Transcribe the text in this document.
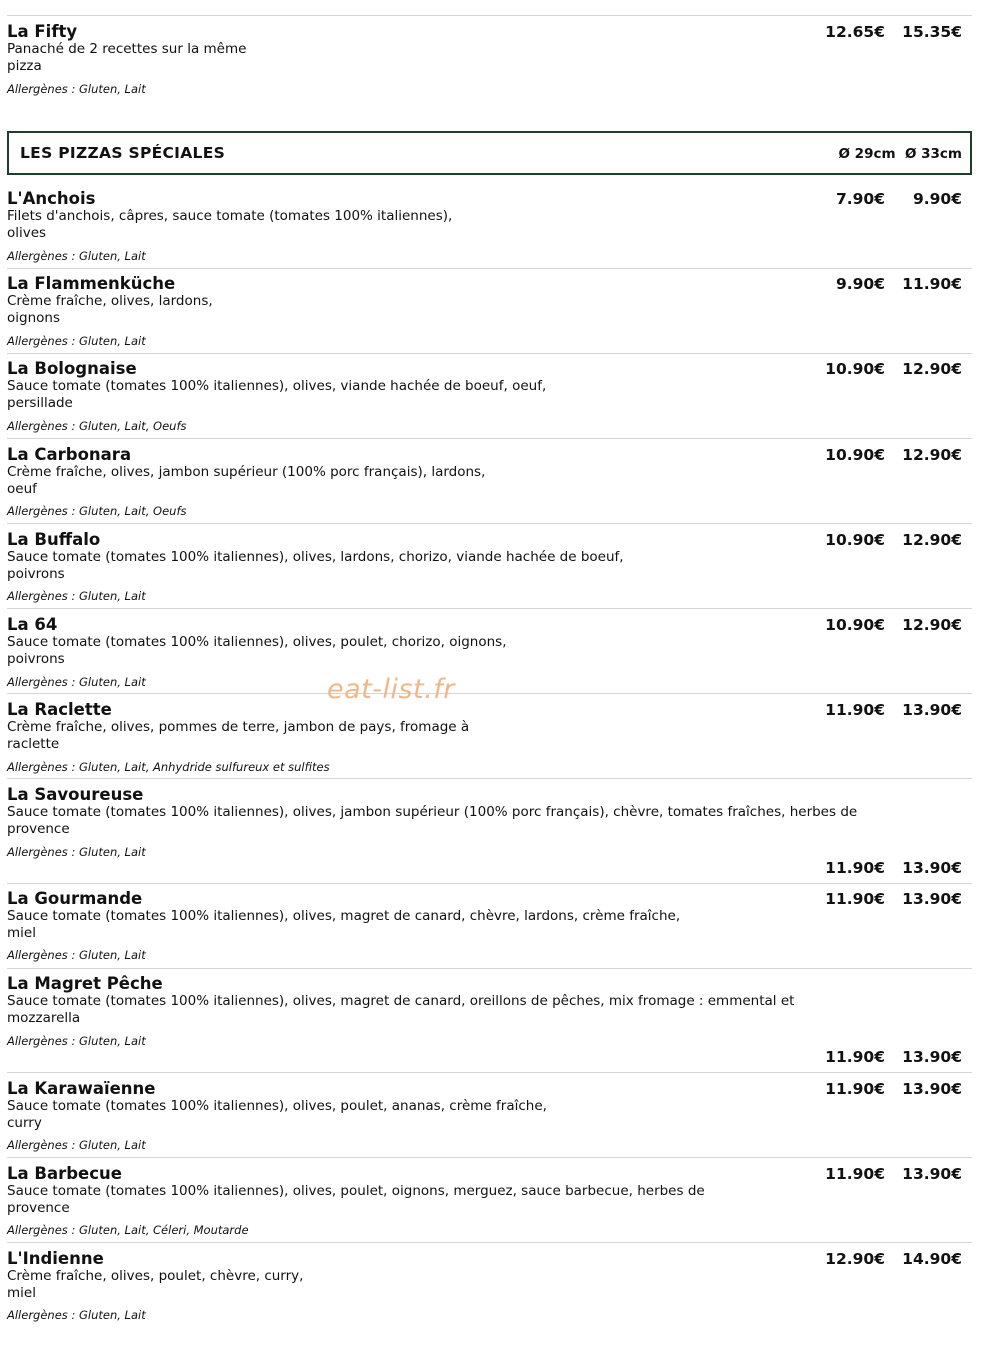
La Fifty
Panaché de 2 recettes sur la même
pizza
Allergènes : Gluten, Lait
12.65€ 15.35€
LES PIZZAS SPÉCIALES	Ø 29cm Ø 33cm
L'Anchois
Filets d'anchois, câpres, sauce tomate (tomates 100% italiennes),
olives
Allergènes : Gluten, Lait
7.90€ 9.90€
La Flammenküche
Crème fraîche, olives, lardons,
oignons
Allergènes : Gluten, Lait
9.90€ 11.90€
La Bolognaise
Sauce tomate (tomates 100% italiennes), olives, viande hachée de boeuf, oeuf,
persillade
Allergènes : Gluten, Lait, Oeufs
10.90€ 12.90€
La Carbonara
Crème fraîche, olives, jambon supérieur (100% porc français), lardons,
oeuf
Allergènes : Gluten, Lait, Oeufs
10.90€ 12.90€
La Buffalo
Sauce tomate (tomates 100% italiennes), olives, lardons, chorizo, viande hachée de boeuf,
poivrons
Allergènes : Gluten, Lait
10.90€ 12.90€
La 64
Sauce tomate (tomates 100% italiennes), olives, poulet, chorizo, oignons,
poivrons
Allergènes : Gluten, Lait
10.90€ 12.90€
La Raclette
Crème fraîche, olives, pommes de terre, jambon de pays, fromage à
raclette
Allergènes : Gluten, Lait, Anhydride sulfureux et sulfites
11.90€ 13.90€
La Savoureuse
Sauce tomate (tomates 100% italiennes), olives, jambon supérieur (100% porc français), chèvre, tomates fraîches, herbes de
provence
Allergènes : Gluten, Lait
11.90€ 13.90€
La Gourmande
Sauce tomate (tomates 100% italiennes), olives, magret de canard, chèvre, lardons, crème fraîche,
miel
Allergènes : Gluten, Lait
11.90€ 13.90€
La Magret Pêche
Sauce tomate (tomates 100% italiennes), olives, magret de canard, oreillons de pêches, mix fromage : emmental et
mozzarella
Allergènes : Gluten, Lait
11.90€ 13.90€
La Karawaïenne
Sauce tomate (tomates 100% italiennes), olives, poulet, ananas, crème fraîche,
curry
Allergènes : Gluten, Lait
11.90€ 13.90€
La Barbecue
Sauce tomate (tomates 100% italiennes), olives, poulet, oignons, merguez, sauce barbecue, herbes de
provence
Allergènes : Gluten, Lait, Céleri, Moutarde
11.90€ 13.90€
L'Indienne
Crème fraîche, olives, poulet, chèvre, curry,
miel
Allergènes : Gluten, Lait
12.90€ 14.90€
eat-list.fr
